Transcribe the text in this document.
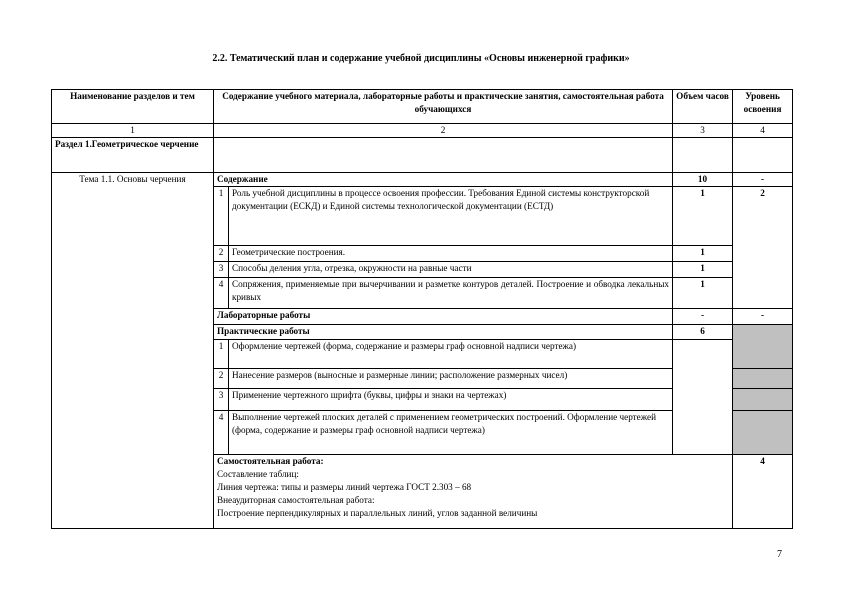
2.2. Тематический план и содержание учебной дисциплины «Основы инженерной графики»
Наименование разделов и тем	Содержание учебного материала, лабораторные работы и практические занятия, самостоятельная работа обучающихся		Объем часов	Уровень освоения	
1	2		3	4	
Раздел 1.Геометрическое черчение					
Тема 1.1. Основы черчения	Содержание		10	-	
	1	Роль учебной дисциплины в процессе освоения профессии. Требования Единой системы конструкторской документации (ЕСКД) и Единой системы технологической документации (ЕСТД)	1	2	
	2	Геометрические построения.	1		
	3	Способы деления угла, отрезка, окружности на равные части	1		
	4	Сопряжения, применяемые при вычерчивании и разметке контуров деталей. Построение и обводка лекальных кривых	1		
	Лабораторные работы		-	-	
	Практические работы		6		
	1	Оформление чертежей (форма, содержание и размеры граф основной надписи чертежа)			
	2	Нанесение размеров (выносные и размерные линии; расположение размерных чисел)			
	3	Применение чертежного шрифта (буквы, цифры и знаки на чертежах)			
	4	Выполнение чертежей плоских деталей с применением геометрических построений. Оформление чертежей (форма, содержание и размеры граф основной надписи чертежа)			

	Самостоятельная работа:
Составление таблиц:
Линия чертежа: типы и размеры линий чертежа ГОСТ 2.303 – 68
Внеаудиторная самостоятельная работа:
Построение перпендикулярных и параллельных линий, углов заданной величины			4	
7
